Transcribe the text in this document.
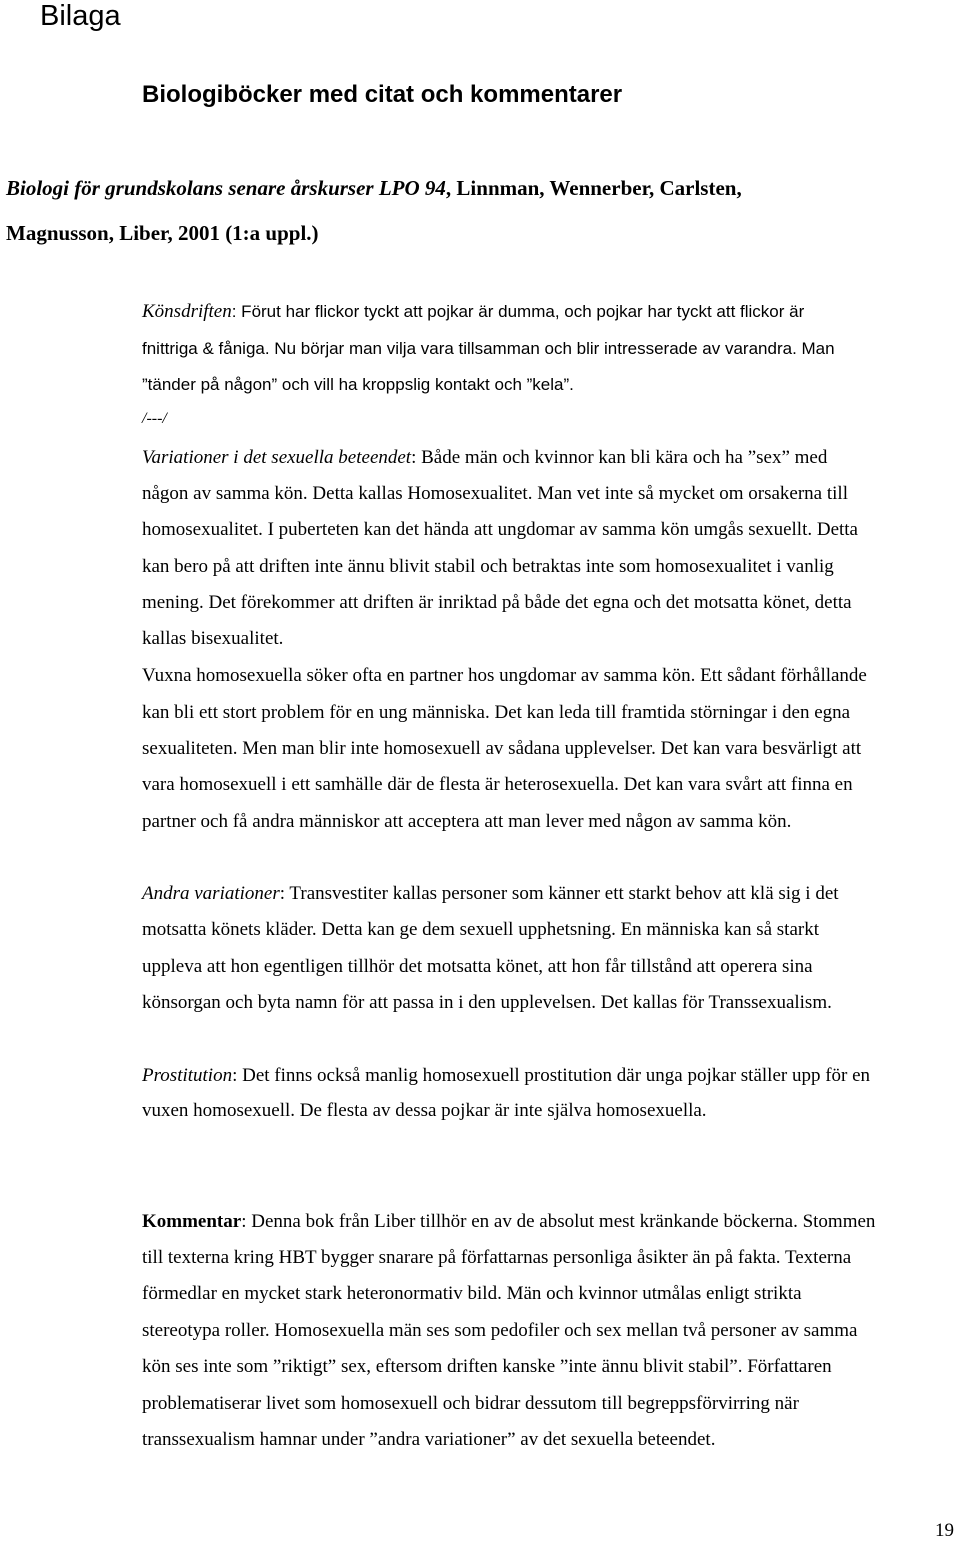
Bilaga
Biologiböcker med citat och kommentarer
Biologi för grundskolans senare årskurser LPO 94, Linnman, Wennerber, Carlsten,
Magnusson, Liber, 2001 (1:a uppl.)
Könsdriften: Förut har flickor tyckt att pojkar är dumma, och pojkar har tyckt att flickor är
fnittriga & fåniga. Nu börjar man vilja vara tillsamman och blir intresserade av varandra. Man
”tänder på någon” och vill ha kroppslig kontakt och ”kela”.
/---/
Variationer i det sexuella beteendet: Både män och kvinnor kan bli kära och ha ”sex” med
någon av samma kön. Detta kallas Homosexualitet. Man vet inte så mycket om orsakerna till
homosexualitet. I puberteten kan det hända att ungdomar av samma kön umgås sexuellt. Detta
kan bero på att driften inte ännu blivit stabil och betraktas inte som homosexualitet i vanlig
mening. Det förekommer att driften är inriktad på både det egna och det motsatta könet, detta
kallas bisexualitet.
Vuxna homosexuella söker ofta en partner hos ungdomar av samma kön. Ett sådant förhållande
kan bli ett stort problem för en ung människa. Det kan leda till framtida störningar i den egna
sexualiteten. Men man blir inte homosexuell av sådana upplevelser. Det kan vara besvärligt att
vara homosexuell i ett samhälle där de flesta är heterosexuella. Det kan vara svårt att finna en
partner och få andra människor att acceptera att man lever med någon av samma kön.
Andra variationer: Transvestiter kallas personer som känner ett starkt behov att klä sig i det
motsatta könets kläder. Detta kan ge dem sexuell upphetsning. En människa kan så starkt
uppleva att hon egentligen tillhör det motsatta könet, att hon får tillstånd att operera sina
könsorgan och byta namn för att passa in i den upplevelsen. Det kallas för Transsexualism.
Prostitution: Det finns också manlig homosexuell prostitution där unga pojkar ställer upp för en
vuxen homosexuell. De flesta av dessa pojkar är inte själva homosexuella.
Kommentar: Denna bok från Liber tillhör en av de absolut mest kränkande böckerna. Stommen
till texterna kring HBT bygger snarare på författarnas personliga åsikter än på fakta. Texterna
förmedlar en mycket stark heteronormativ bild. Män och kvinnor utmålas enligt strikta
stereotypa roller. Homosexuella män ses som pedofiler och sex mellan två personer av samma
kön ses inte som ”riktigt” sex, eftersom driften kanske ”inte ännu blivit stabil”. Författaren
problematiserar livet som homosexuell och bidrar dessutom till begreppsförvirring när
transsexualism hamnar under ”andra variationer” av det sexuella beteendet.
19
